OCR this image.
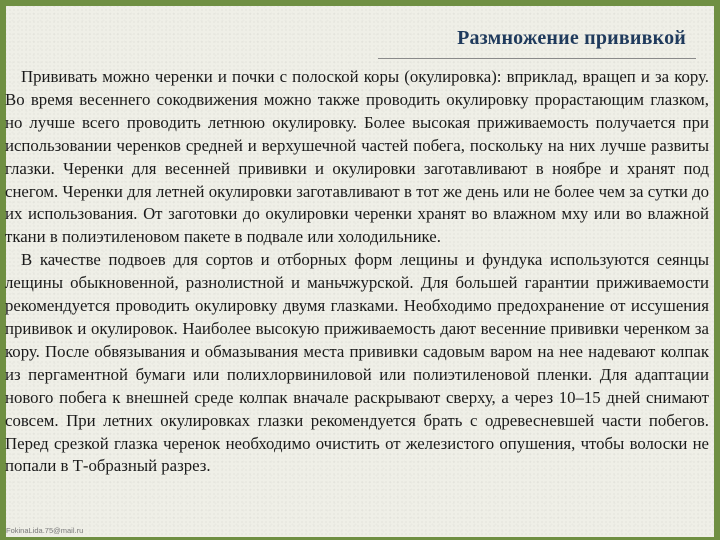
Размножение прививкой

Прививать можно черенки и почки с полоской коры (окулировка): вприклад, вращеп и за кору. Во время весеннего сокодвижения можно также проводить окулировку прорастающим глазком, но лучше всего проводить летнюю окулировку. Более высокая приживаемость получается при использовании черенков средней и верхушечной частей побега, поскольку на них лучше развиты глазки. Черенки для весенней прививки и окулировки заготавливают в ноябре и хранят под снегом. Черенки для летней окулировки заготавливают в тот же день или не более чем за сутки до их использования. От заготовки до окулировки черенки хранят во влажном мху или во влажной ткани в полиэтиленовом пакете в подвале или холодильнике.

В качестве подвоев для сортов и отборных форм лещины и фундука используются сеянцы лещины обыкновенной, разнолистной и маньчжурской. Для большей гарантии приживаемости рекомендуется проводить окулировку двумя глазками. Необходимо предохранение от иссушения прививок и окулировок. Наиболее высокую приживаемость дают весенние прививки черенком за кору. После обвязывания и обмазывания места прививки садовым варом на нее надевают колпак из пергаментной бумаги или полихлорвиниловой или полиэтиленовой пленки. Для адаптации нового побега к внешней среде колпак вначале раскрывают сверху, а через 10–15 дней снимают совсем. При летних окулировках глазки рекомендуется брать с одревесневшей части побегов. Перед срезкой глазка черенок необходимо очистить от железистого опушения, чтобы волоски не попали в Т-образный разрез.

FokinaLida.75@mail.ru
